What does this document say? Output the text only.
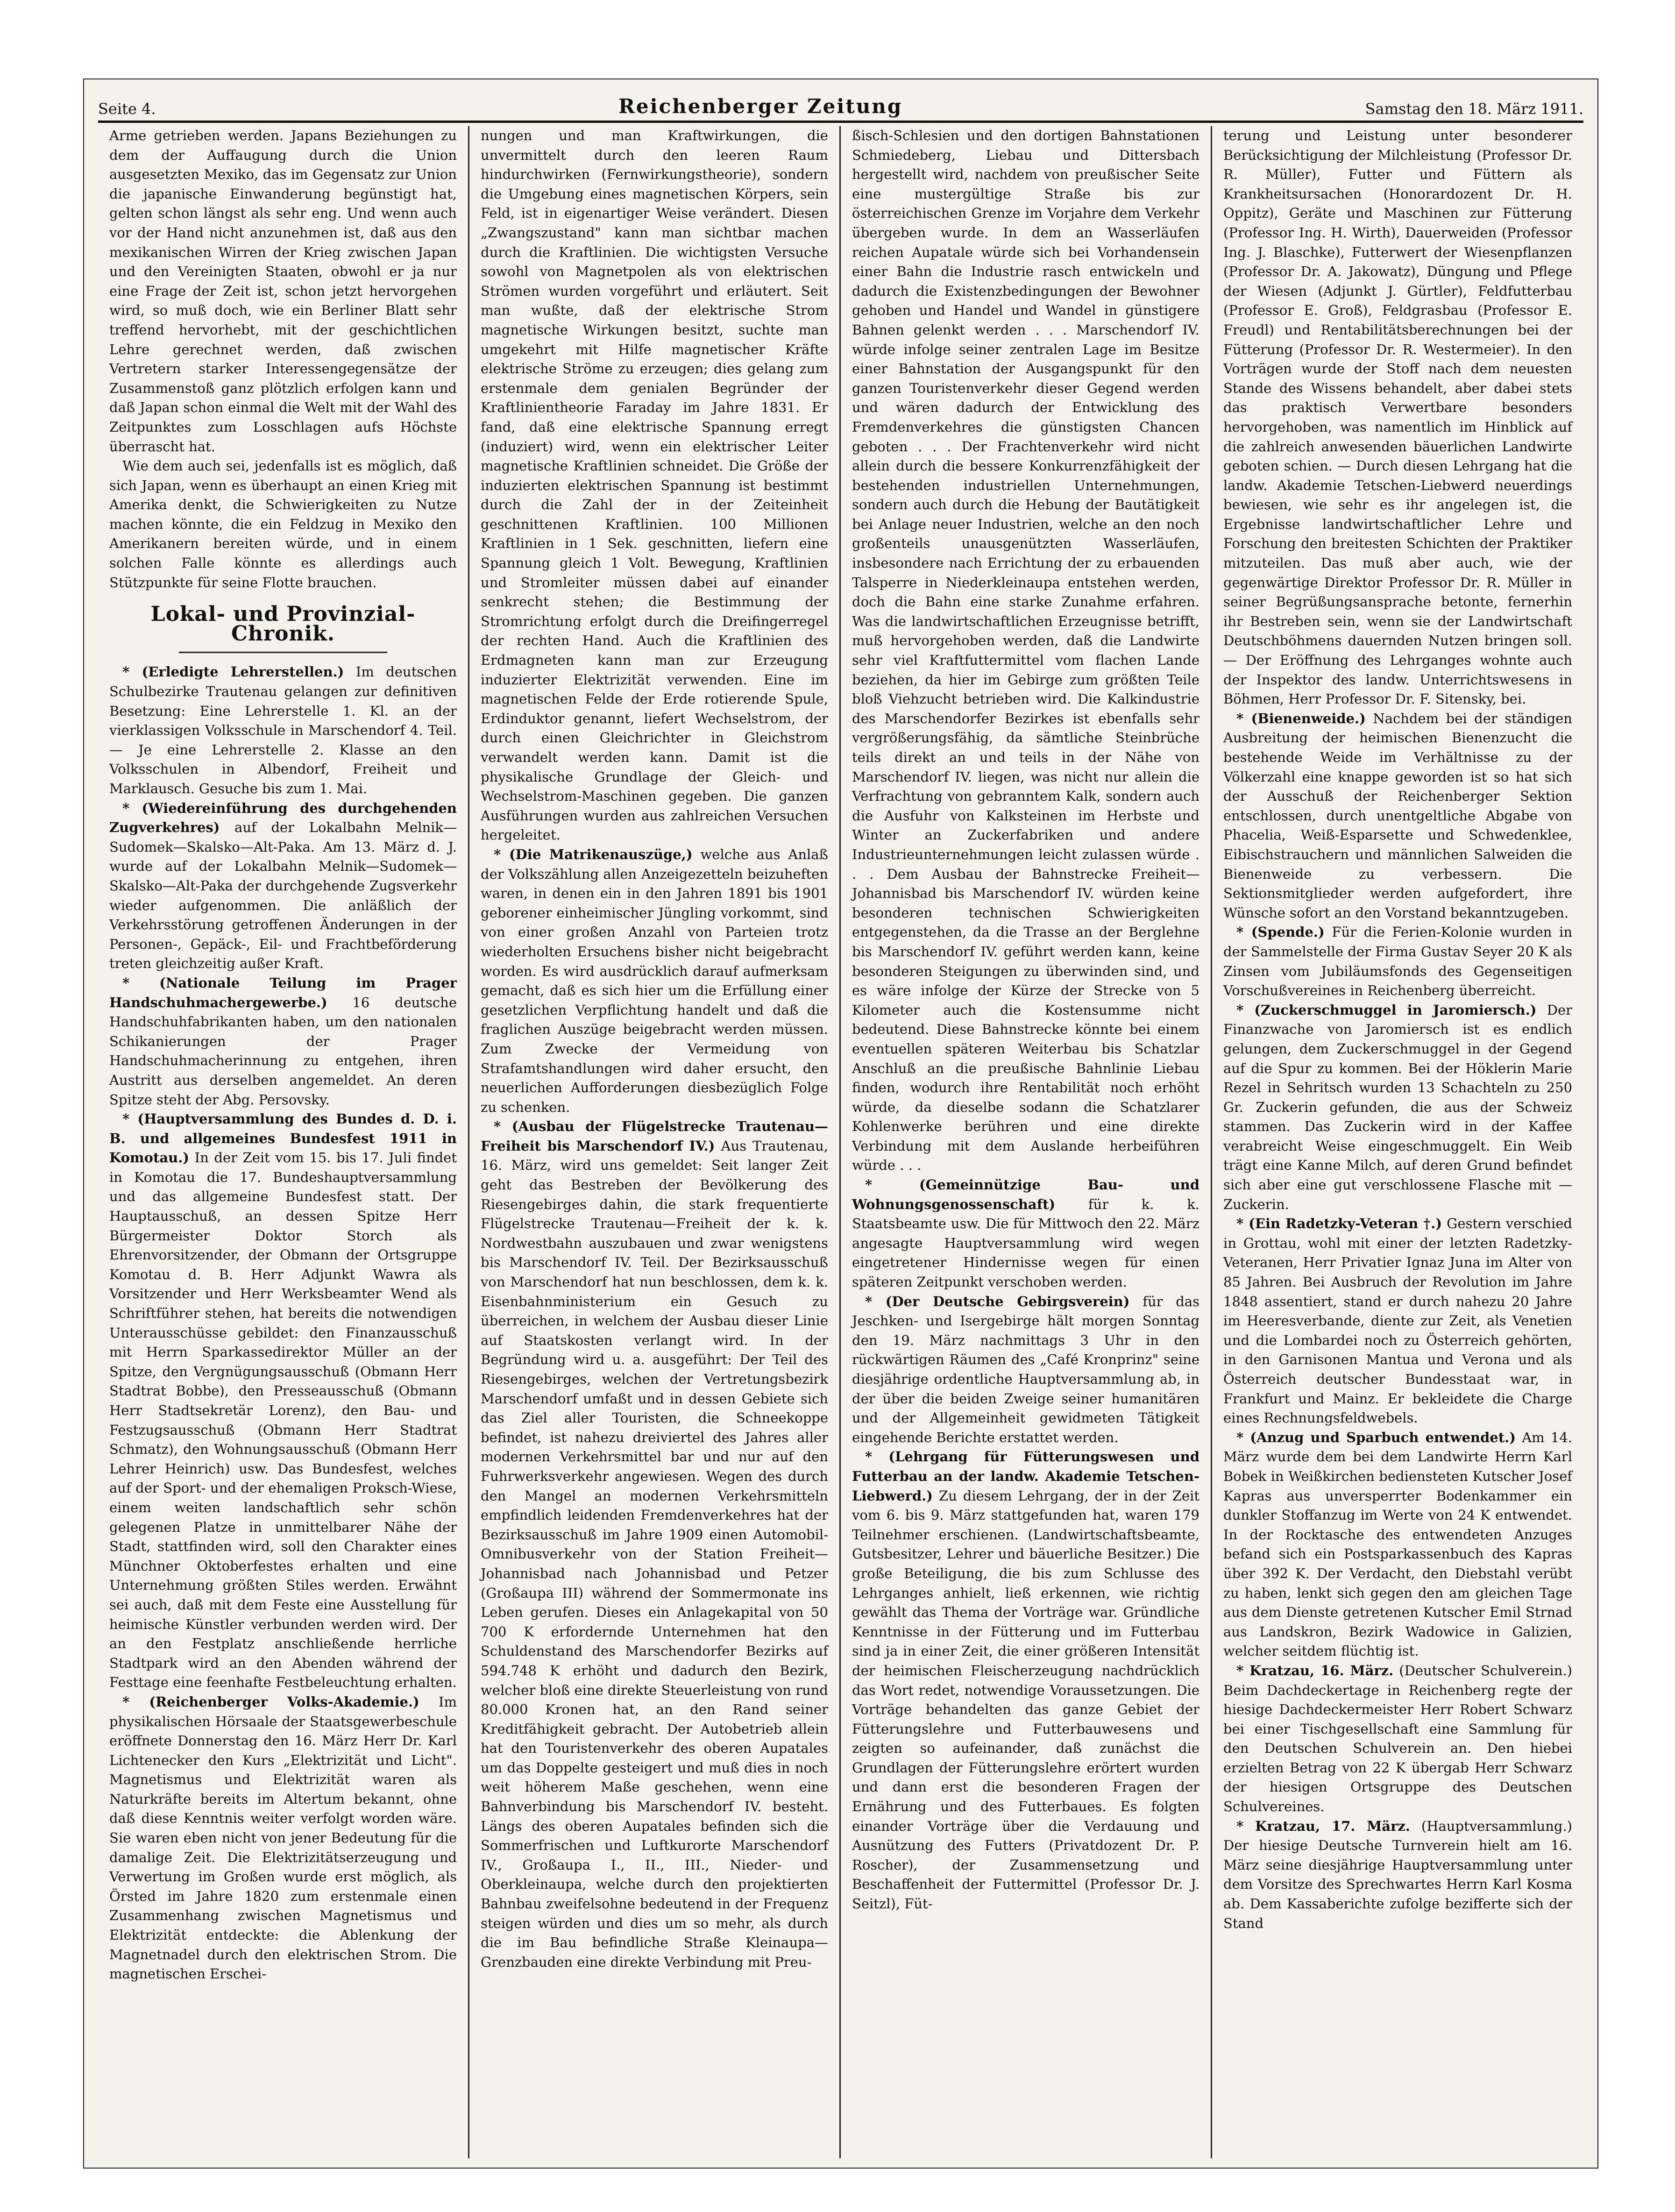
Seite 4.	Reichenberger Zeitung	Samstag den 18. März 1911.

Arme getrieben werden. Japans Beziehungen zu dem der Auffaugung durch die Union ausgesetzten Mexiko, das im Gegensatz zur Union die japanische Einwanderung begünstigt hat, gelten schon längst als sehr eng. Und wenn auch vor der Hand nicht anzunehmen ist, daß aus den mexikanischen Wirren der Krieg zwischen Japan und den Vereinigten Staaten, obwohl er ja nur eine Frage der Zeit ist, schon jetzt hervorgehen wird, so muß doch, wie ein Berliner Blatt sehr treffend hervorhebt, mit der geschichtlichen Lehre gerechnet werden, daß zwischen Vertretern starker Interessengegensätze der Zusammenstoß ganz plötzlich erfolgen kann und daß Japan schon einmal die Welt mit der Wahl des Zeitpunktes zum Losschlagen aufs Höchste überrascht hat.

Wie dem auch sei, jedenfalls ist es möglich, daß sich Japan, wenn es überhaupt an einen Krieg mit Amerika denkt, die Schwierigkeiten zu Nutze machen könnte, die ein Feldzug in Mexiko den Amerikanern bereiten würde, und in einem solchen Falle könnte es allerdings auch Stützpunkte für seine Flotte brauchen.

Lokal- und Provinzial-Chronik.

* (Erledigte Lehrerstellen.) Im deutschen Schulbezirke Trautenau gelangen zur definitiven Besetzung: Eine Lehrerstelle 1. Kl. an der vierklassigen Volksschule in Marschendorf 4. Teil. — Je eine Lehrerstelle 2. Klasse an den Volksschulen in Albendorf, Freiheit und Marklausch. Gesuche bis zum 1. Mai.

* (Wiedereinführung des durchgehenden Zugverkehres) auf der Lokalbahn Melnik—Sudomek—Skalsko—Alt-Paka. Am 13. März d. J. wurde auf der Lokalbahn Melnik—Sudomek—Skalsko—Alt-Paka der durchgehende Zugsverkehr wieder aufgenommen. Die anläßlich der Verkehrsstörung getroffenen Änderungen in der Personen-, Gepäck-, Eil- und Frachtbeförderung treten gleichzeitig außer Kraft.

* (Nationale Teilung im Prager Handschuhmachergewerbe.) 16 deutsche Handschuhfabrikanten haben, um den nationalen Schikanierungen der Prager Handschuhmacherinnung zu entgehen, ihren Austritt aus derselben angemeldet. An deren Spitze steht der Abg. Persovsky.

* (Hauptversammlung des Bundes d. D. i. B. und allgemeines Bundesfest 1911 in Komotau.) In der Zeit vom 15. bis 17. Juli findet in Komotau die 17. Bundeshauptversammlung und das allgemeine Bundesfest statt. Der Hauptausschuß, an dessen Spitze Herr Bürgermeister Doktor Storch als Ehrenvorsitzender, der Obmann der Ortsgruppe Komotau d. B. Herr Adjunkt Wawra als Vorsitzender und Herr Werksbeamter Wend als Schriftführer stehen, hat bereits die notwendigen Unterausschüsse gebildet: den Finanzausschuß mit Herrn Sparkassedirektor Müller an der Spitze, den Vergnügungsausschuß (Obmann Herr Stadtrat Bobbe), den Presseausschuß (Obmann Herr Stadtsekretär Lorenz), den Bau- und Festzugsausschuß (Obmann Herr Stadtrat Schmatz), den Wohnungsausschuß (Obmann Herr Lehrer Heinrich) usw. Das Bundesfest, welches auf der Sport- und der ehemaligen Proksch-Wiese, einem weiten landschaftlich sehr schön gelegenen Platze in unmittelbarer Nähe der Stadt, stattfinden wird, soll den Charakter eines Münchner Oktoberfestes erhalten und eine Unternehmung größten Stiles werden. Erwähnt sei auch, daß mit dem Feste eine Ausstellung für heimische Künstler verbunden werden wird. Der an den Festplatz anschließende herrliche Stadtpark wird an den Abenden während der Festtage eine feenhafte Festbeleuchtung erhalten.

* (Reichenberger Volks-Akademie.) Im physikalischen Hörsaale der Staatsgewerbeschule eröffnete Donnerstag den 16. März Herr Dr. Karl Lichtenecker den Kurs „Elektrizität und Licht". Magnetismus und Elektrizität waren als Naturkräfte bereits im Altertum bekannt, ohne daß diese Kenntnis weiter verfolgt worden wäre. Sie waren eben nicht von jener Bedeutung für die damalige Zeit. Die Elektrizitätserzeugung und Verwertung im Großen wurde erst möglich, als Örsted im Jahre 1820 zum erstenmale einen Zusammenhang zwischen Magnetismus und Elektrizität entdeckte: die Ablenkung der Magnetnadel durch den elektrischen Strom. Die magnetischen Erschei-

nungen und man Kraftwirkungen, die unvermittelt durch den leeren Raum hindurchwirken (Fernwirkungstheorie), sondern die Umgebung eines magnetischen Körpers, sein Feld, ist in eigenartiger Weise verändert. Diesen „Zwangszustand" kann man sichtbar machen durch die Kraftlinien. Die wichtigsten Versuche sowohl von Magnetpolen als von elektrischen Strömen wurden vorgeführt und erläutert. Seit man wußte, daß der elektrische Strom magnetische Wirkungen besitzt, suchte man umgekehrt mit Hilfe magnetischer Kräfte elektrische Ströme zu erzeugen; dies gelang zum erstenmale dem genialen Begründer der Kraftlinientheorie Faraday im Jahre 1831. Er fand, daß eine elektrische Spannung erregt (induziert) wird, wenn ein elektrischer Leiter magnetische Kraftlinien schneidet. Die Größe der induzierten elektrischen Spannung ist bestimmt durch die Zahl der in der Zeiteinheit geschnittenen Kraftlinien. 100 Millionen Kraftlinien in 1 Sek. geschnitten, liefern eine Spannung gleich 1 Volt. Bewegung, Kraftlinien und Stromleiter müssen dabei auf einander senkrecht stehen; die Bestimmung der Stromrichtung erfolgt durch die Dreifingerregel der rechten Hand. Auch die Kraftlinien des Erdmagneten kann man zur Erzeugung induzierter Elektrizität verwenden. Eine im magnetischen Felde der Erde rotierende Spule, Erdinduktor genannt, liefert Wechselstrom, der durch einen Gleichrichter in Gleichstrom verwandelt werden kann. Damit ist die physikalische Grundlage der Gleich- und Wechselstrom-Maschinen gegeben. Die ganzen Ausführungen wurden aus zahlreichen Versuchen hergeleitet.

* (Die Matrikenauszüge,) welche aus Anlaß der Volkszählung allen Anzeigezetteln beizuheften waren, in denen ein in den Jahren 1891 bis 1901 geborener einheimischer Jüngling vorkommt, sind von einer großen Anzahl von Parteien trotz wiederholten Ersuchens bisher nicht beigebracht worden. Es wird ausdrücklich darauf aufmerksam gemacht, daß es sich hier um die Erfüllung einer gesetzlichen Verpflichtung handelt und daß die fraglichen Auszüge beigebracht werden müssen. Zum Zwecke der Vermeidung von Strafamtshandlungen wird daher ersucht, den neuerlichen Aufforderungen diesbezüglich Folge zu schenken.

* (Ausbau der Flügelstrecke Trautenau—Freiheit bis Marschendorf IV.) Aus Trautenau, 16. März, wird uns gemeldet: Seit langer Zeit geht das Bestreben der Bevölkerung des Riesengebirges dahin, die stark frequentierte Flügelstrecke Trautenau—Freiheit der k. k. Nordwestbahn auszubauen und zwar wenigstens bis Marschendorf IV. Teil. Der Bezirksausschuß von Marschendorf hat nun beschlossen, dem k. k. Eisenbahnministerium ein Gesuch zu überreichen, in welchem der Ausbau dieser Linie auf Staatskosten verlangt wird. In der Begründung wird u. a. ausgeführt: Der Teil des Riesengebirges, welchen der Vertretungsbezirk Marschendorf umfaßt und in dessen Gebiete sich das Ziel aller Touristen, die Schneekoppe befindet, ist nahezu dreiviertel des Jahres aller modernen Verkehrsmittel bar und nur auf den Fuhrwerksverkehr angewiesen. Wegen des durch den Mangel an modernen Verkehrsmitteln empfindlich leidenden Fremdenverkehres hat der Bezirksausschuß im Jahre 1909 einen Automobil-Omnibusverkehr von der Station Freiheit—Johannisbad nach Johannisbad und Petzer (Großaupa III) während der Sommermonate ins Leben gerufen. Dieses ein Anlagekapital von 50 700 K erfordernde Unternehmen hat den Schuldenstand des Marschendorfer Bezirks auf 594.748 K erhöht und dadurch den Bezirk, welcher bloß eine direkte Steuerleistung von rund 80.000 Kronen hat, an den Rand seiner Kreditfähigkeit gebracht. Der Autobetrieb allein hat den Touristenverkehr des oberen Aupatales um das Doppelte gesteigert und muß dies in noch weit höherem Maße geschehen, wenn eine Bahnverbindung bis Marschendorf IV. besteht. Längs des oberen Aupatales befinden sich die Sommerfrischen und Luftkurorte Marschendorf IV., Großaupa I., II., III., Nieder- und Oberkleinaupa, welche durch den projektierten Bahnbau zweifelsohne bedeutend in der Frequenz steigen würden und dies um so mehr, als durch die im Bau befindliche Straße Kleinaupa—Grenzbauden eine direkte Verbindung mit Preu-

ßisch-Schlesien und den dortigen Bahnstationen Schmiedeberg, Liebau und Dittersbach hergestellt wird, nachdem von preußischer Seite eine mustergültige Straße bis zur österreichischen Grenze im Vorjahre dem Verkehr übergeben wurde. In dem an Wasserläufen reichen Aupatale würde sich bei Vorhandensein einer Bahn die Industrie rasch entwickeln und dadurch die Existenzbedingungen der Bewohner gehoben und Handel und Wandel in günstigere Bahnen gelenkt werden . . . Marschendorf IV. würde infolge seiner zentralen Lage im Besitze einer Bahnstation der Ausgangspunkt für den ganzen Touristenverkehr dieser Gegend werden und wären dadurch der Entwicklung des Fremdenverkehres die günstigsten Chancen geboten . . . Der Frachtenverkehr wird nicht allein durch die bessere Konkurrenzfähigkeit der bestehenden industriellen Unternehmungen, sondern auch durch die Hebung der Bautätigkeit bei Anlage neuer Industrien, welche an den noch großenteils unausgenützten Wasserläufen, insbesondere nach Errichtung der zu erbauenden Talsperre in Niederkleinaupa entstehen werden, doch die Bahn eine starke Zunahme erfahren. Was die landwirtschaftlichen Erzeugnisse betrifft, muß hervorgehoben werden, daß die Landwirte sehr viel Kraftfuttermittel vom flachen Lande beziehen, da hier im Gebirge zum größten Teile bloß Viehzucht betrieben wird. Die Kalkindustrie des Marschendorfer Bezirkes ist ebenfalls sehr vergrößerungsfähig, da sämtliche Steinbrüche teils direkt an und teils in der Nähe von Marschendorf IV. liegen, was nicht nur allein die Verfrachtung von gebranntem Kalk, sondern auch die Ausfuhr von Kalksteinen im Herbste und Winter an Zuckerfabriken und andere Industrieunternehmungen leicht zulassen würde . . . Dem Ausbau der Bahnstrecke Freiheit—Johannisbad bis Marschendorf IV. würden keine besonderen technischen Schwierigkeiten entgegenstehen, da die Trasse an der Berglehne bis Marschendorf IV. geführt werden kann, keine besonderen Steigungen zu überwinden sind, und es wäre infolge der Kürze der Strecke von 5 Kilometer auch die Kostensumme nicht bedeutend. Diese Bahnstrecke könnte bei einem eventuellen späteren Weiterbau bis Schatzlar Anschluß an die preußische Bahnlinie Liebau finden, wodurch ihre Rentabilität noch erhöht würde, da dieselbe sodann die Schatzlarer Kohlenwerke berühren und eine direkte Verbindung mit dem Auslande herbeiführen würde . . .

* (Gemeinnützige Bau- und Wohnungsgenossenschaft) für k. k. Staatsbeamte usw. Die für Mittwoch den 22. März angesagte Hauptversammlung wird wegen eingetretener Hindernisse wegen für einen späteren Zeitpunkt verschoben werden.

* (Der Deutsche Gebirgsverein) für das Jeschken- und Isergebirge hält morgen Sonntag den 19. März nachmittags 3 Uhr in den rückwärtigen Räumen des „Café Kronprinz" seine diesjährige ordentliche Hauptversammlung ab, in der über die beiden Zweige seiner humanitären und der Allgemeinheit gewidmeten Tätigkeit eingehende Berichte erstattet werden.

* (Lehrgang für Fütterungswesen und Futterbau an der landw. Akademie Tetschen-Liebwerd.) Zu diesem Lehrgang, der in der Zeit vom 6. bis 9. März stattgefunden hat, waren 179 Teilnehmer erschienen. (Landwirtschaftsbeamte, Gutsbesitzer, Lehrer und bäuerliche Besitzer.) Die große Beteiligung, die bis zum Schlusse des Lehrganges anhielt, ließ erkennen, wie richtig gewählt das Thema der Vorträge war. Gründliche Kenntnisse in der Fütterung und im Futterbau sind ja in einer Zeit, die einer größeren Intensität der heimischen Fleischerzeugung nachdrücklich das Wort redet, notwendige Voraussetzungen. Die Vorträge behandelten das ganze Gebiet der Fütterungslehre und Futterbauwesens und zeigten so aufeinander, daß zunächst die Grundlagen der Fütterungslehre erörtert wurden und dann erst die besonderen Fragen der Ernährung und des Futterbaues. Es folgten einander Vorträge über die Verdauung und Ausnützung des Futters (Privatdozent Dr. P. Roscher), der Zusammensetzung und Beschaffenheit der Futtermittel (Professor Dr. J. Seitzl), Füt-

terung und Leistung unter besonderer Berücksichtigung der Milchleistung (Professor Dr. R. Müller), Futter und Füttern als Krankheitsursachen (Honorardozent Dr. H. Oppitz), Geräte und Maschinen zur Fütterung (Professor Ing. H. Wirth), Dauerweiden (Professor Ing. J. Blaschke), Futterwert der Wiesenpflanzen (Professor Dr. A. Jakowatz), Düngung und Pflege der Wiesen (Adjunkt J. Gürtler), Feldfutterbau (Professor E. Groß), Feldgrasbau (Professor E. Freudl) und Rentabilitätsberechnungen bei der Fütterung (Professor Dr. R. Westermeier). In den Vorträgen wurde der Stoff nach dem neuesten Stande des Wissens behandelt, aber dabei stets das praktisch Verwertbare besonders hervorgehoben, was namentlich im Hinblick auf die zahlreich anwesenden bäuerlichen Landwirte geboten schien. — Durch diesen Lehrgang hat die landw. Akademie Tetschen-Liebwerd neuerdings bewiesen, wie sehr es ihr angelegen ist, die Ergebnisse landwirtschaftlicher Lehre und Forschung den breitesten Schichten der Praktiker mitzuteilen. Das muß aber auch, wie der gegenwärtige Direktor Professor Dr. R. Müller in seiner Begrüßungsansprache betonte, fernerhin ihr Bestreben sein, wenn sie der Landwirtschaft Deutschböhmens dauernden Nutzen bringen soll. — Der Eröffnung des Lehrganges wohnte auch der Inspektor des landw. Unterrichtswesens in Böhmen, Herr Professor Dr. F. Sitensky, bei.

* (Bienenweide.) Nachdem bei der ständigen Ausbreitung der heimischen Bienenzucht die bestehende Weide im Verhältnisse zu der Völkerzahl eine knappe geworden ist so hat sich der Ausschuß der Reichenberger Sektion entschlossen, durch unentgeltliche Abgabe von Phacelia, Weiß-Esparsette und Schwedenklee, Eibischstrauchern und männlichen Salweiden die Bienenweide zu verbessern. Die Sektionsmitglieder werden aufgefordert, ihre Wünsche sofort an den Vorstand bekanntzugeben.

* (Spende.) Für die Ferien-Kolonie wurden in der Sammelstelle der Firma Gustav Seyer 20 K als Zinsen vom Jubiläumsfonds des Gegenseitigen Vorschußvereines in Reichenberg überreicht.

* (Zuckerschmuggel in Jaromiersch.) Der Finanzwache von Jaromiersch ist es endlich gelungen, dem Zuckerschmuggel in der Gegend auf die Spur zu kommen. Bei der Höklerin Marie Rezel in Sehritsch wurden 13 Schachteln zu 250 Gr. Zuckerin gefunden, die aus der Schweiz stammen. Das Zuckerin wird in der Kaffee verabreicht Weise eingeschmuggelt. Ein Weib trägt eine Kanne Milch, auf deren Grund befindet sich aber eine gut verschlossene Flasche mit — Zuckerin.

* (Ein Radetzky-Veteran †.) Gestern verschied in Grottau, wohl mit einer der letzten Radetzky-Veteranen, Herr Privatier Ignaz Juna im Alter von 85 Jahren. Bei Ausbruch der Revolution im Jahre 1848 assentiert, stand er durch nahezu 20 Jahre im Heeresverbande, diente zur Zeit, als Venetien und die Lombardei noch zu Österreich gehörten, in den Garnisonen Mantua und Verona und als Österreich deutscher Bundesstaat war, in Frankfurt und Mainz. Er bekleidete die Charge eines Rechnungsfeldwebels.

* (Anzug und Sparbuch entwendet.) Am 14. März wurde dem bei dem Landwirte Herrn Karl Bobek in Weißkirchen bediensteten Kutscher Josef Kapras aus unversperrter Bodenkammer ein dunkler Stoffanzug im Werte von 24 K entwendet. In der Rocktasche des entwendeten Anzuges befand sich ein Postsparkassenbuch des Kapras über 392 K. Der Verdacht, den Diebstahl verübt zu haben, lenkt sich gegen den am gleichen Tage aus dem Dienste getretenen Kutscher Emil Strnad aus Landskron, Bezirk Wadowice in Galizien, welcher seitdem flüchtig ist.

* Kratzau, 16. März. (Deutscher Schulverein.) Beim Dachdeckertage in Reichenberg regte der hiesige Dachdeckermeister Herr Robert Schwarz bei einer Tischgesellschaft eine Sammlung für den Deutschen Schulverein an. Den hiebei erzielten Betrag von 22 K übergab Herr Schwarz der hiesigen Ortsgruppe des Deutschen Schulvereines.

* Kratzau, 17. März. (Hauptversammlung.) Der hiesige Deutsche Turnverein hielt am 16. März seine diesjährige Hauptversammlung unter dem Vorsitze des Sprechwartes Herrn Karl Kosma ab. Dem Kassaberichte zufolge bezifferte sich der Stand
